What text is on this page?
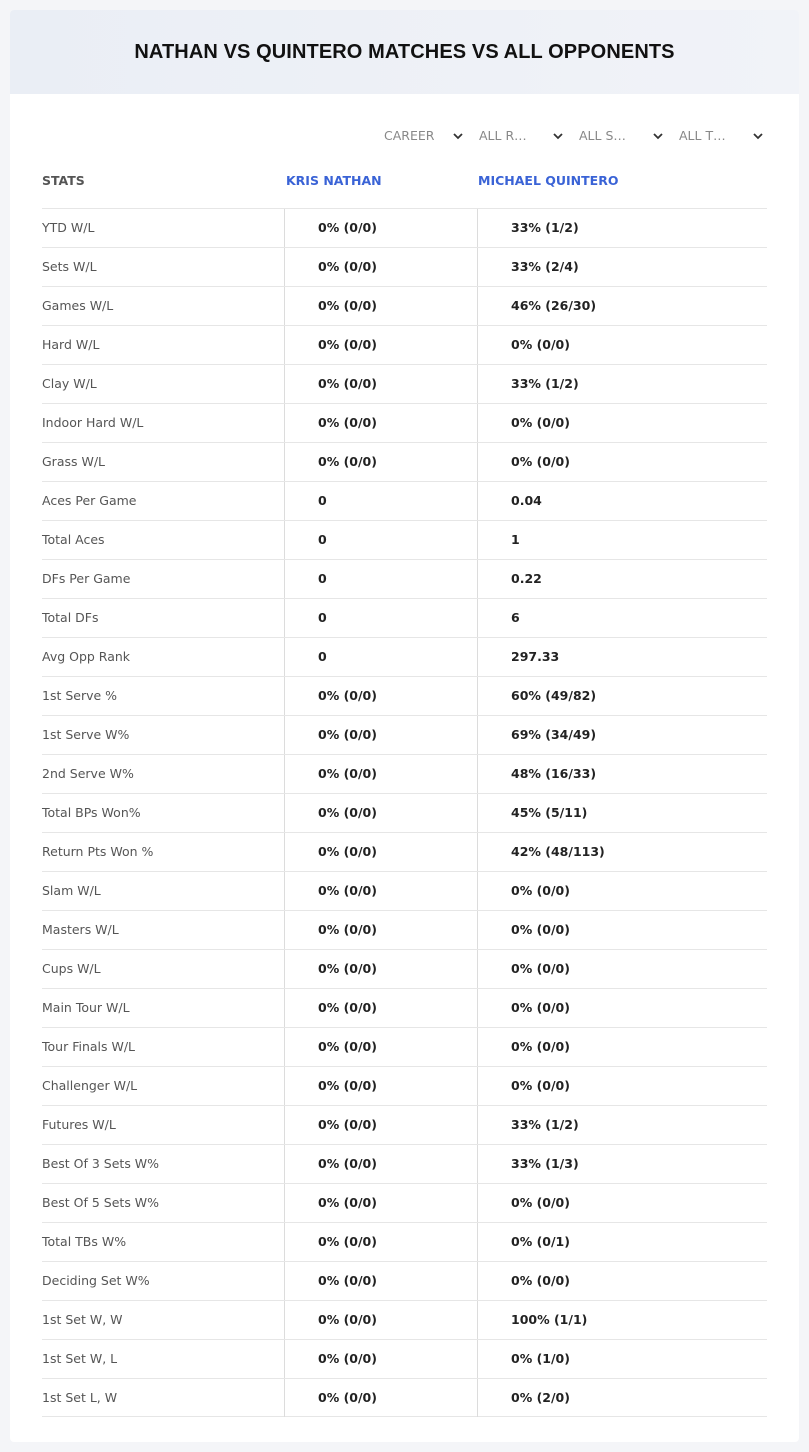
NATHAN VS QUINTERO MATCHES VS ALL OPPONENTS
CAREER	ALL R…	ALL S…	ALL T…
STATS	KRIS NATHAN	MICHAEL QUINTERO
YTD W/L	0% (0/0)	33% (1/2)
Sets W/L	0% (0/0)	33% (2/4)
Games W/L	0% (0/0)	46% (26/30)
Hard W/L	0% (0/0)	0% (0/0)
Clay W/L	0% (0/0)	33% (1/2)
Indoor Hard W/L	0% (0/0)	0% (0/0)
Grass W/L	0% (0/0)	0% (0/0)
Aces Per Game	0	0.04
Total Aces	0	1
DFs Per Game	0	0.22
Total DFs	0	6
Avg Opp Rank	0	297.33
1st Serve %	0% (0/0)	60% (49/82)
1st Serve W%	0% (0/0)	69% (34/49)
2nd Serve W%	0% (0/0)	48% (16/33)
Total BPs Won%	0% (0/0)	45% (5/11)
Return Pts Won %	0% (0/0)	42% (48/113)
Slam W/L	0% (0/0)	0% (0/0)
Masters W/L	0% (0/0)	0% (0/0)
Cups W/L	0% (0/0)	0% (0/0)
Main Tour W/L	0% (0/0)	0% (0/0)
Tour Finals W/L	0% (0/0)	0% (0/0)
Challenger W/L	0% (0/0)	0% (0/0)
Futures W/L	0% (0/0)	33% (1/2)
Best Of 3 Sets W%	0% (0/0)	33% (1/3)
Best Of 5 Sets W%	0% (0/0)	0% (0/0)
Total TBs W%	0% (0/0)	0% (0/1)
Deciding Set W%	0% (0/0)	0% (0/0)
1st Set W, W	0% (0/0)	100% (1/1)
1st Set W, L	0% (0/0)	0% (1/0)
1st Set L, W	0% (0/0)	0% (2/0)
